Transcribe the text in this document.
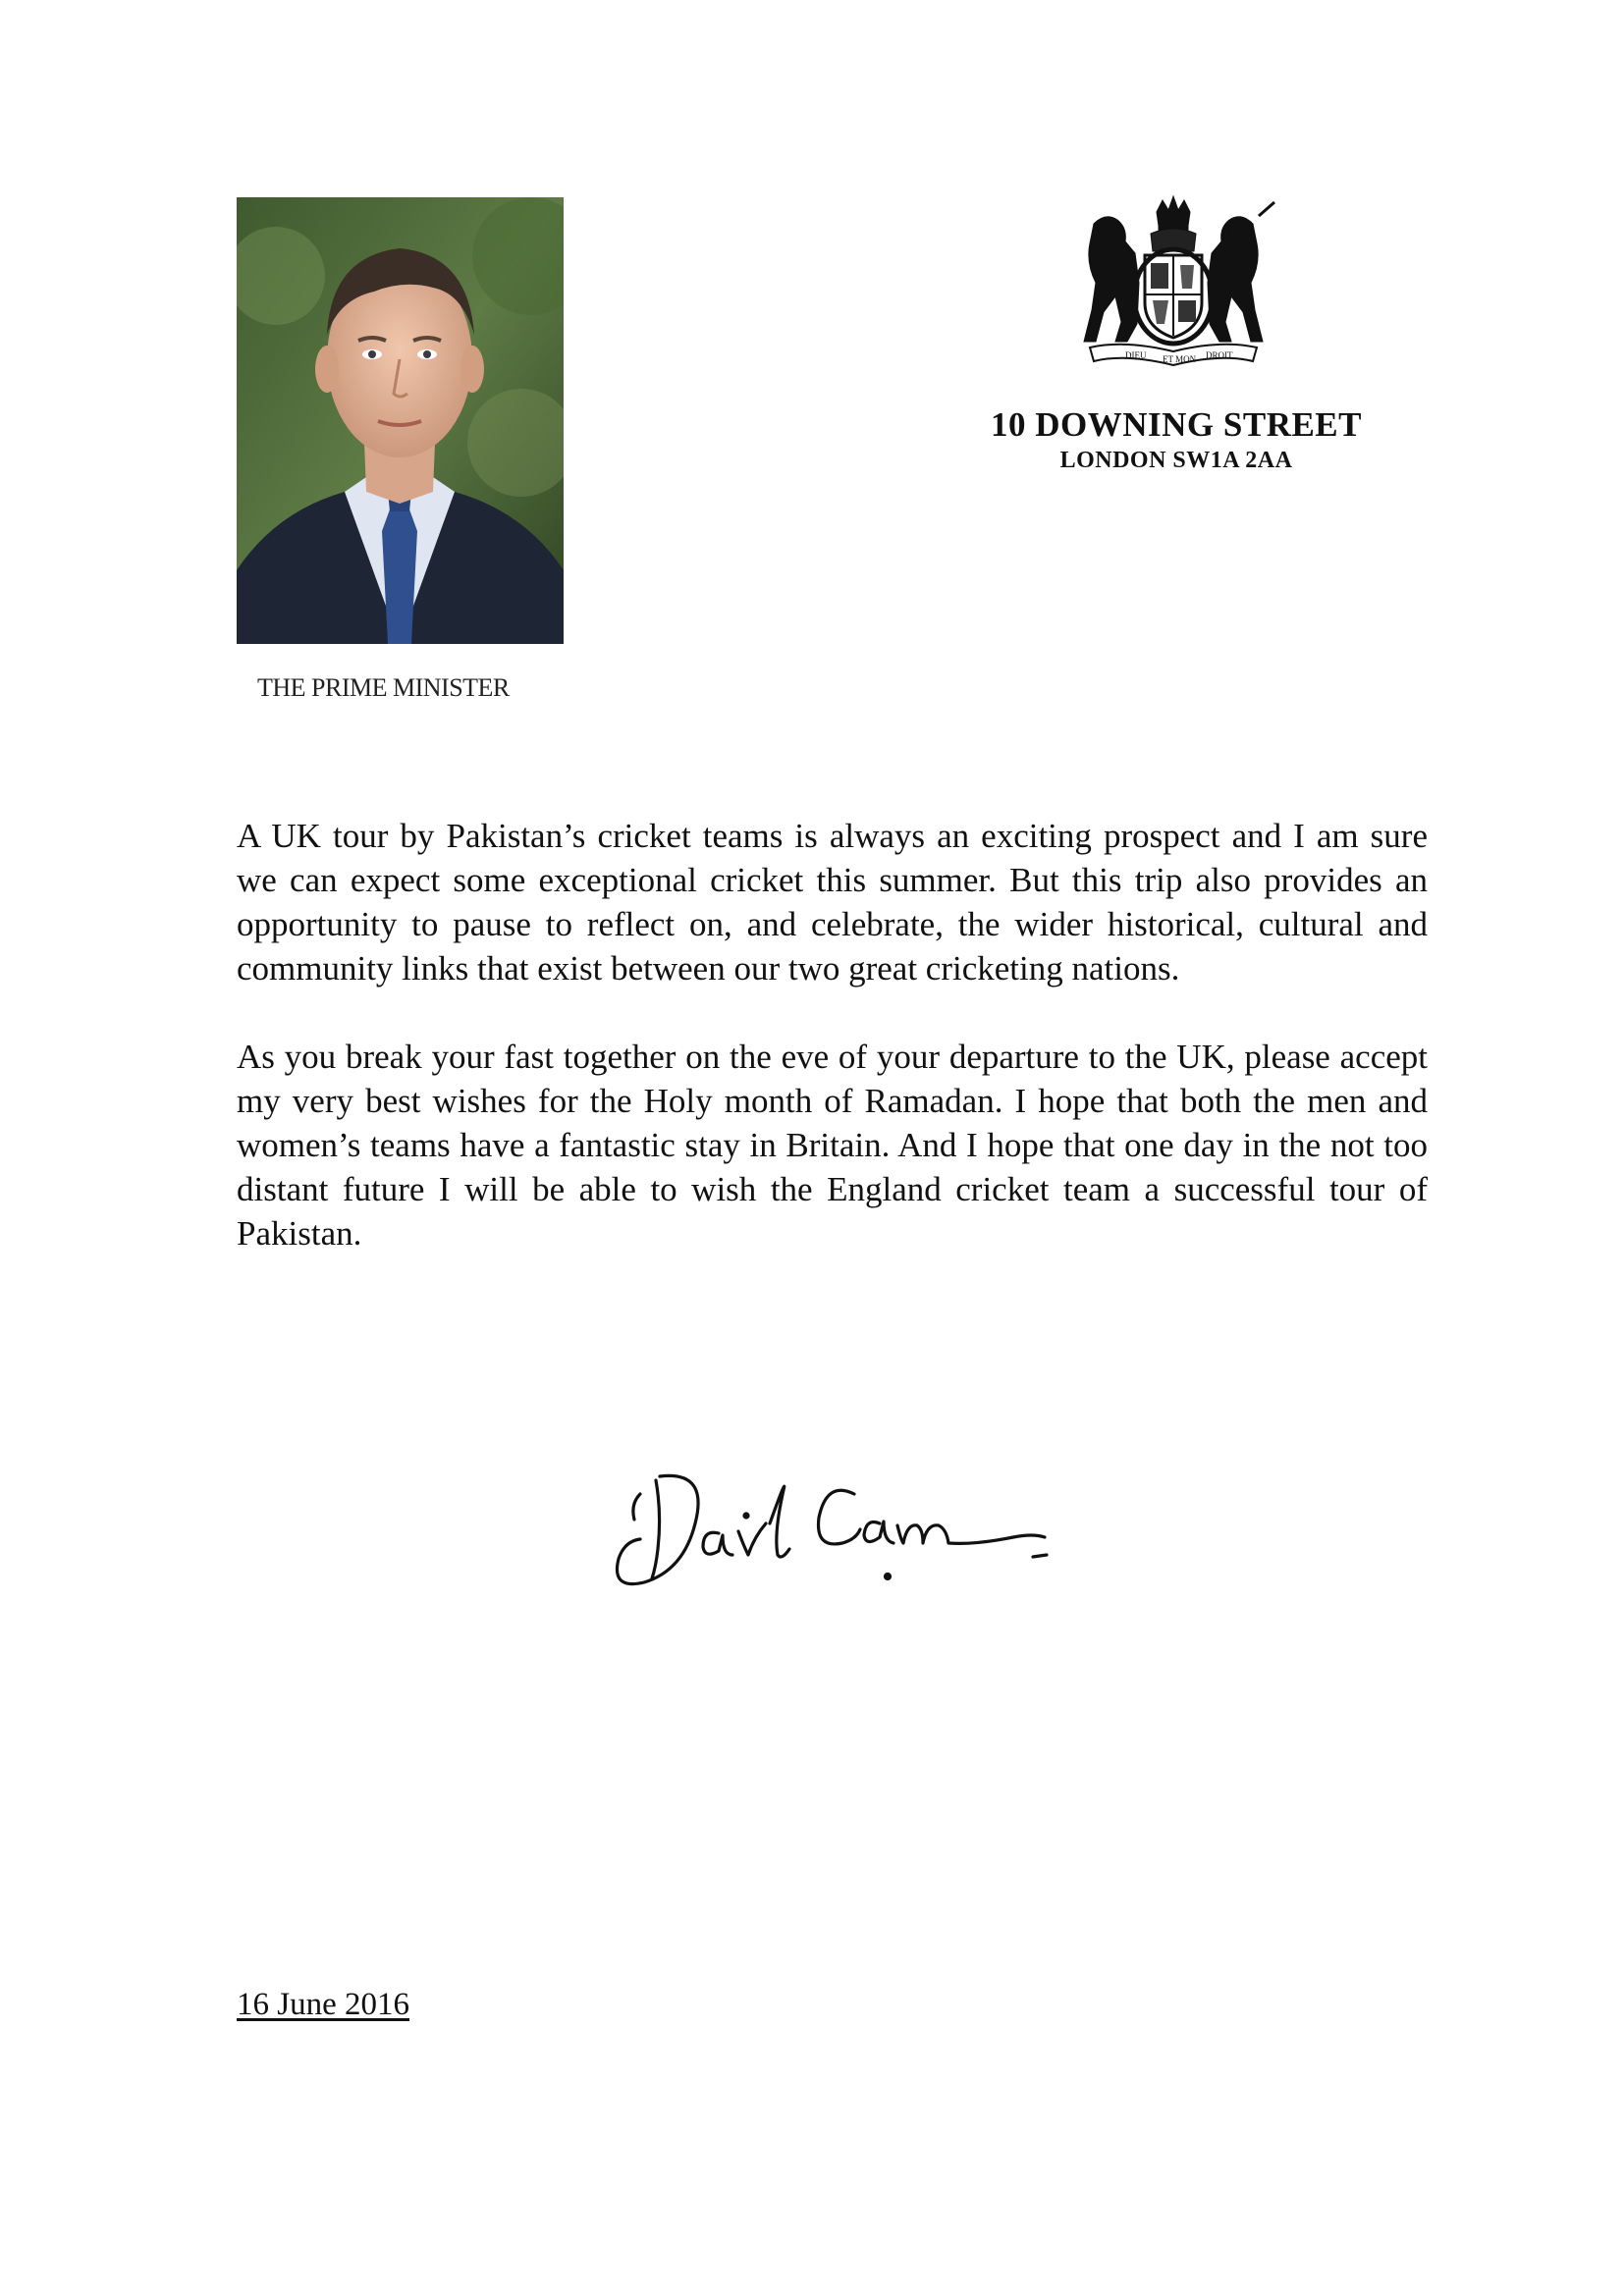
THE PRIME MINISTER
DIEU ET MON DROIT
10 DOWNING STREET
LONDON SW1A 2AA

A UK tour by Pakistan’s cricket teams is always an exciting prospect and I am sure we can expect some exceptional cricket this summer. But this trip also provides an opportunity to pause to reflect on, and celebrate, the wider historical, cultural and community links that exist between our two great cricketing nations.

As you break your fast together on the eve of your departure to the UK, please accept my very best wishes for the Holy month of Ramadan. I hope that both the men and women’s teams have a fantastic stay in Britain. And I hope that one day in the not too distant future I will be able to wish the England cricket team a successful tour of Pakistan.

16 June 2016
